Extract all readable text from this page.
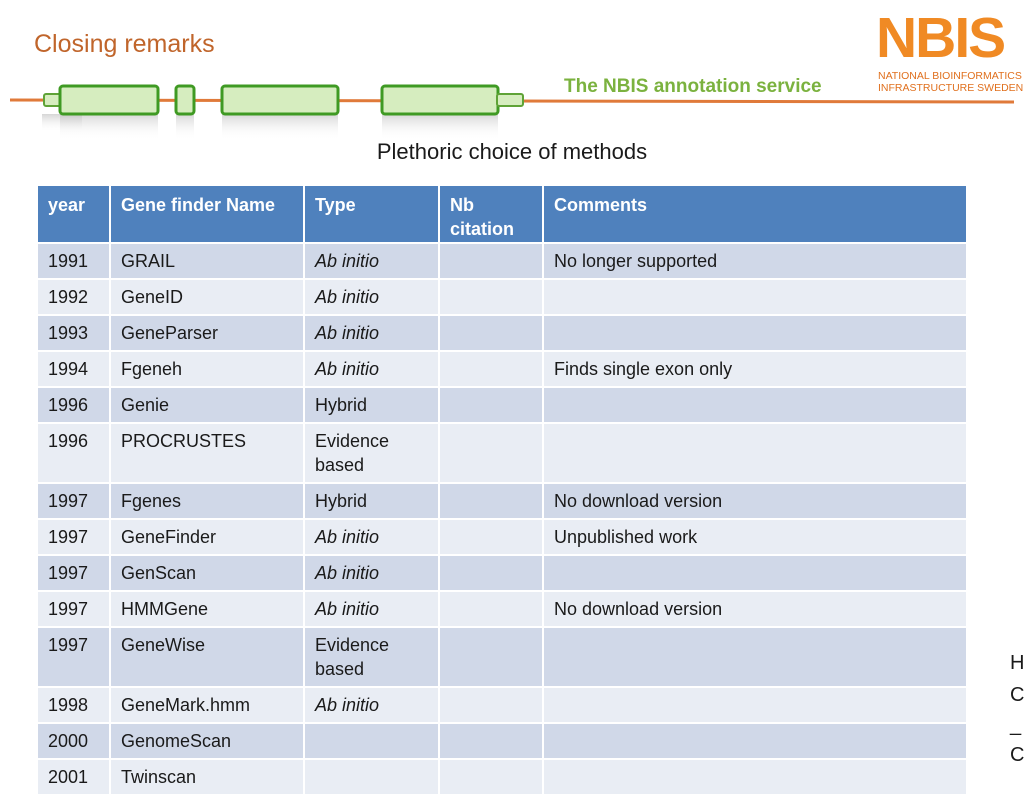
Closing remarks	NBIS
NATIONAL BIOINFORMATICS
INFRASTRUCTURE SWEDEN
The NBIS annotation service
Plethoric choice of methods
year	Gene finder Name	Type	Nb citation	Comments
1991	GRAIL	Ab initio		No longer supported
1992	GeneID	Ab initio		
1993	GeneParser	Ab initio		
1994	Fgeneh	Ab initio		Finds single exon only
1996	Genie	Hybrid		
1996	PROCRUSTES	Evidence based		
1997	Fgenes	Hybrid		No download version
1997	GeneFinder	Ab initio		Unpublished work
1997	GenScan	Ab initio		
1997	HMMGene	Ab initio		No download version
1997	GeneWise	Evidence based		
1998	GeneMark.hmm	Ab initio		
2000	GenomeScan			
2001	Twinscan			
H
C
_
C
